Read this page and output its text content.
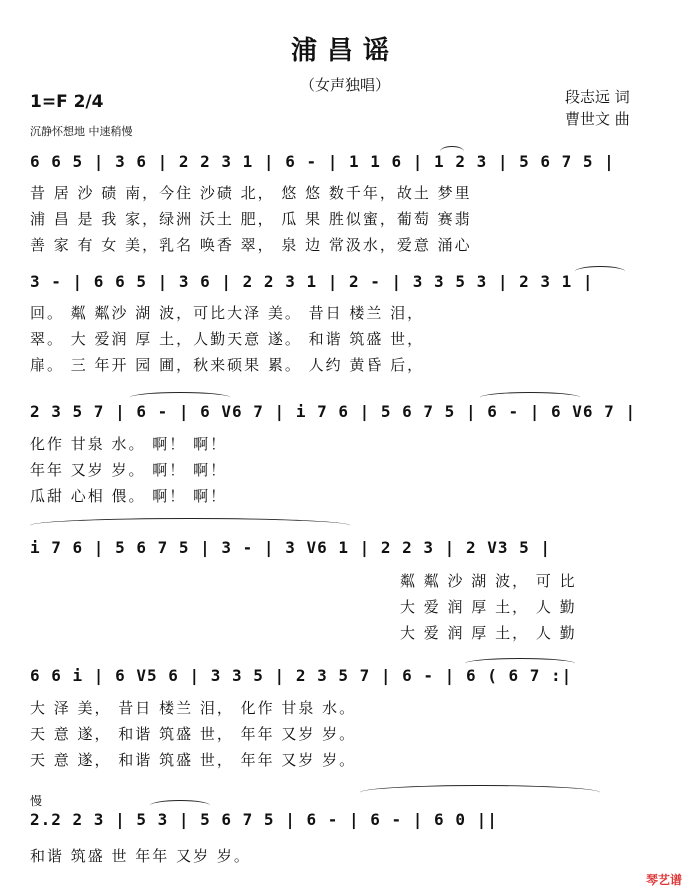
浦昌谣
（女声独唱）
1=F 2/4	段志远 词
曹世文 曲
沉静怀想地 中速稍慢
6 6 5 | 3 6 | 2 2 3 1 | 6 - | 1 1 6 | 1 2 3 | 5 6 7 5 |
昔 居 沙 碛 南，今住 沙碛 北， 悠 悠 数千年，故土 梦里
浦 昌 是 我 家，绿洲 沃土 肥， 瓜 果 胜似蜜，葡萄 赛翡
善 家 有 女 美，乳名 唤香 翠， 泉 边 常汲水，爱意 涌心
3 - | 6 6 5 | 3 6 | 2 2 3 1 | 2 - | 3 3 5 3 | 2 3 1 |
回。 粼 粼沙 湖 波，可比大泽 美。 昔日 楼兰 泪，
翠。 大 爱润 厚 土，人勤天意 遂。 和谐 筑盛 世，
扉。 三 年开 园 圃，秋来硕果 累。 人约 黄昏 后，
2 3 5 7 | 6 - | 6 V6 7 | i 7 6 | 5 6 7 5 | 6 - | 6 V6 7 |
化作 甘泉 水。 啊！ 啊！
年年 又岁 岁。 啊！ 啊！
瓜甜 心相 偎。 啊！ 啊！
i 7 6 | 5 6 7 5 | 3 - | 3 V6 1 | 2 2 3 | 2 V3 5 |
粼 粼 沙 湖 波， 可 比
大 爱 润 厚 土， 人 勤
大 爱 润 厚 土， 人 勤
6 6 i | 6 V5 6 | 3 3 5 | 2 3 5 7 | 6 - | 6 ( 6 7 :|
大 泽 美， 昔日 楼兰 泪， 化作 甘泉 水。
天 意 遂， 和谐 筑盛 世， 年年 又岁 岁。
天 意 遂， 和谐 筑盛 世， 年年 又岁 岁。
慢
2.2 2 3 | 5 3 | 5 6 7 5 | 6 - | 6 - | 6 0 ||
和谐 筑盛 世 年年 又岁 岁。
琴艺谱
